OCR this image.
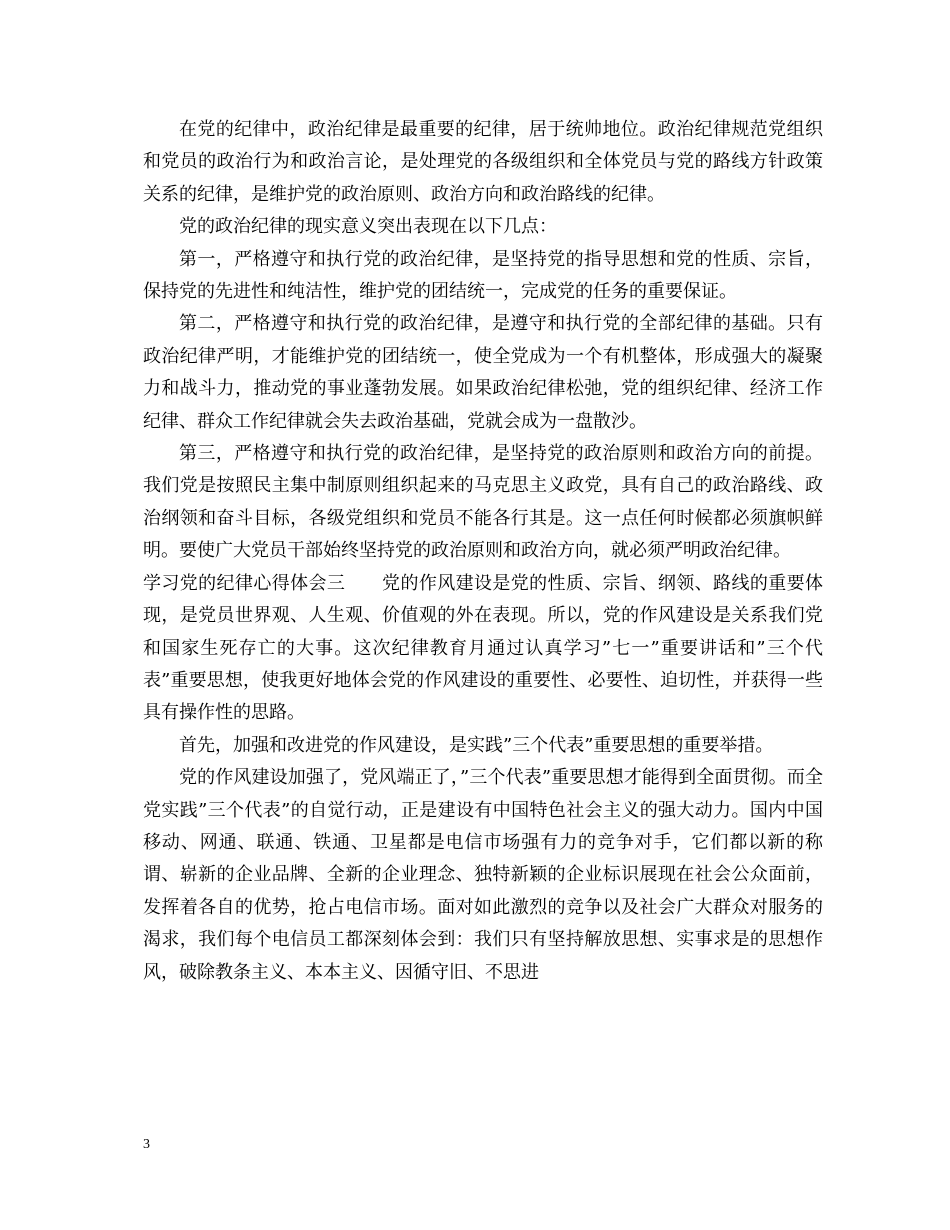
在党的纪律中，政治纪律是最重要的纪律，居于统帅地位。政治纪律规范党组织和党员的政治行为和政治言论，是处理党的各级组织和全体党员与党的路线方针政策关系的纪律，是维护党的政治原则、政治方向和政治路线的纪律。

党的政治纪律的现实意义突出表现在以下几点：

第一，严格遵守和执行党的政治纪律，是坚持党的指导思想和党的性质、宗旨，保持党的先进性和纯洁性，维护党的团结统一，完成党的任务的重要保证。

第二，严格遵守和执行党的政治纪律，是遵守和执行党的全部纪律的基础。只有政治纪律严明，才能维护党的团结统一，使全党成为一个有机整体，形成强大的凝聚力和战斗力，推动党的事业蓬勃发展。如果政治纪律松弛，党的组织纪律、经济工作纪律、群众工作纪律就会失去政治基础，党就会成为一盘散沙。

第三，严格遵守和执行党的政治纪律，是坚持党的政治原则和政治方向的前提。我们党是按照民主集中制原则组织起来的马克思主义政党，具有自己的政治路线、政治纲领和奋斗目标，各级党组织和党员不能各行其是。这一点任何时候都必须旗帜鲜明。要使广大党员干部始终坚持党的政治原则和政治方向，就必须严明政治纪律。

学习党的纪律心得体会三　　党的作风建设是党的性质、宗旨、纲领、路线的重要体现，是党员世界观、人生观、价值观的外在表现。所以，党的作风建设是关系我们党和国家生死存亡的大事。这次纪律教育月通过认真学习”七一”重要讲话和”三个代表”重要思想，使我更好地体会党的作风建设的重要性、必要性、迫切性，并获得一些具有操作性的思路。

首先，加强和改进党的作风建设，是实践”三个代表”重要思想的重要举措。

党的作风建设加强了，党风端正了，”三个代表”重要思想才能得到全面贯彻。而全党实践”三个代表”的自觉行动，正是建设有中国特色社会主义的强大动力。国内中国移动、网通、联通、铁通、卫星都是电信市场强有力的竞争对手，它们都以新的称谓、崭新的企业品牌、全新的企业理念、独特新颖的企业标识展现在社会公众面前，发挥着各自的优势，抢占电信市场。面对如此激烈的竞争以及社会广大群众对服务的渴求，我们每个电信员工都深刻体会到：我们只有坚持解放思想、实事求是的思想作风，破除教条主义、本本主义、因循守旧、不思进

3
